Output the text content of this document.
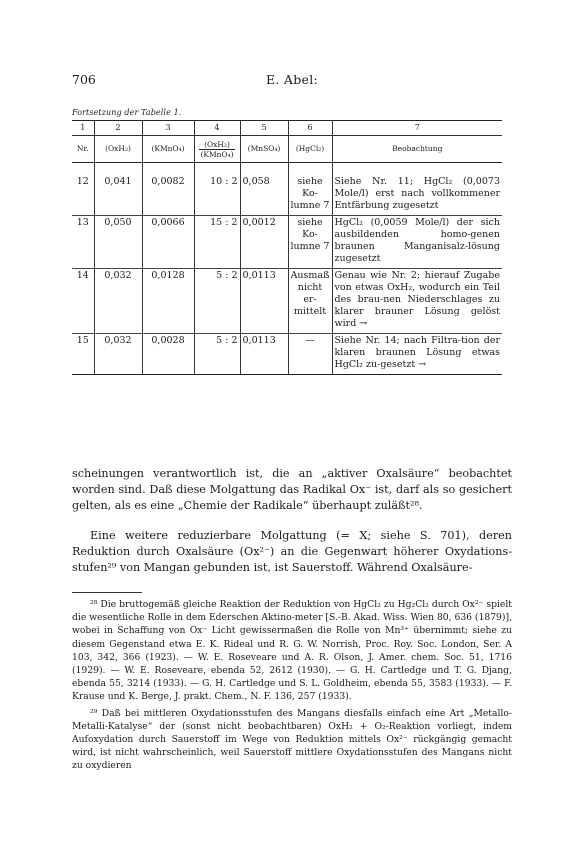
706	E. Abel:
Fortsetzung der Tabelle 1.
1	2	3	4	5	6	7
Nr.	(OxH₂)	(KMnO₄)	$\frac{\text{(OxH₂)}}{\text{(KMnO₄)}}$	(MnSO₄)	(HgCl₂)	Beobachtung

12	0,041	0,0082	10 : 2	0,058	siehe Ko-lumne 7	Siehe Nr. 11; HgCl₂ (0,0073 Mole/l) erst nach vollkommener Entfärbung zugesetzt
13	0,050	0,0066	15 : 2	0,0012	siehe Ko-lumne 7	HgCl₂ (0,0059 Mole/l) der sich ausbildenden homo-genen braunen Manganisalz-lösung zugesetzt
14	0,032	0,0128	5 : 2	0,0113	Ausmaß nicht er-mittelt	Genau wie Nr. 2; hierauf Zugabe von etwas OxH₂, wodurch ein Teil des brau-nen Niederschlages zu klarer brauner Lösung gelöst wird →
15	0,032	0,0028	5 : 2	0,0113	—	Siehe Nr. 14; nach Filtra-tion der klaren braunen Lösung etwas HgCl₂ zu-gesetzt →

scheinungen verantwortlich ist, die an „aktiver Oxalsäure“ beobachtet worden sind. Daß diese Molgattung das Radikal Ox⁻ ist, darf als so gesichert gelten, als es eine „Chemie der Radikale“ überhaupt zuläßt²⁸.

Eine weitere reduzierbare Molgattung (= X; siehe S. 701), deren Reduktion durch Oxalsäure (Ox²⁻) an die Gegenwart höherer Oxydations-stufen²⁹ von Mangan gebunden ist, ist Sauerstoff. Während Oxalsäure-

²⁸ Die bruttogemäß gleiche Reaktion der Reduktion von HgCl₂ zu Hg₂Cl₂ durch Ox²⁻ spielt die wesentliche Rolle in dem Ederschen Aktino-meter [S.-B. Akad. Wiss. Wien 80, 636 (1879)], wobei in Schaffung von Ox⁻ Licht gewissermaßen die Rolle von Mn³⁺ übernimmt; siehe zu diesem Gegenstand etwa E. K. Rideal und R. G. W. Norrish, Proc. Roy. Soc. London, Ser. A 103, 342, 366 (1923). — W. E. Roseveare und A. R. Olson, J. Amer. chem. Soc. 51, 1716 (1929). — W. E. Roseveare, ebenda 52, 2612 (1930). — G. H. Cartledge und T. G. Djang, ebenda 55, 3214 (1933). — G. H. Cartledge und S. L. Goldheim, ebenda 55, 3583 (1933). — F. Krause und K. Berge, J. prakt. Chem., N. F. 136, 257 (1933).

²⁹ Daß bei mittleren Oxydationsstufen des Mangans diesfalls einfach eine Art „Metallo-Metalli-Katalyse“ der (sonst nicht beobachtbaren) OxH₂ + O₂-Reaktion vorliegt, indem Aufoxydation durch Sauerstoff im Wege von Reduktion mittels Ox²⁻ rückgängig gemacht wird, ist nicht wahrscheinlich, weil Sauerstoff mittlere Oxydationsstufen des Mangans nicht zu oxydieren
